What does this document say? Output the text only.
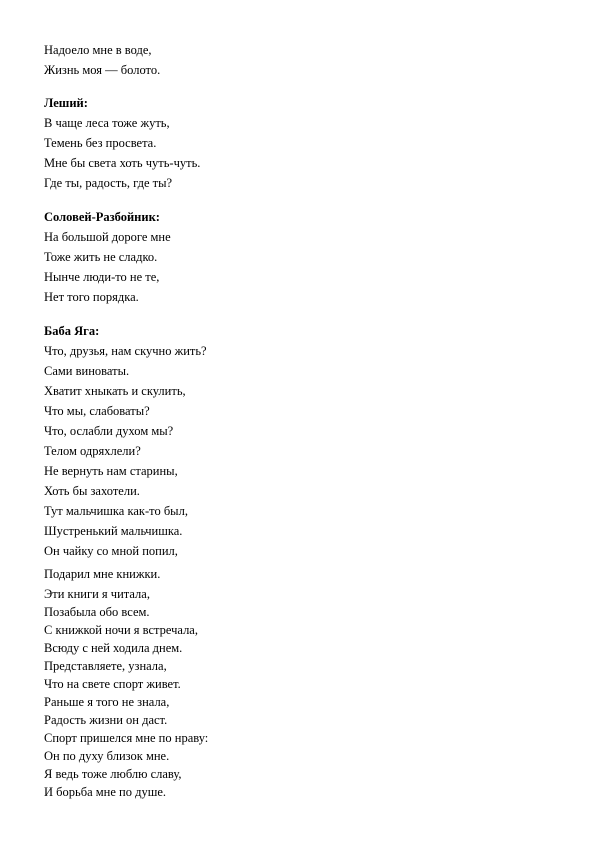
Надоело мне в воде,
Жизнь моя — болото.
Леший:
В чаще леса тоже жуть,
Темень без просвета.
Мне бы света хоть чуть-чуть.
Где ты, радость, где ты?
Соловей-Разбойник:
На большой дороге мне
Тоже жить не сладко.
Нынче люди-то не те,
Нет того порядка.
Баба Яга:
Что, друзья, нам скучно жить?
Сами виноваты.
Хватит хныкать и скулить,
Что мы, слабоваты?
Что, ослабли духом мы?
Телом одряхлели?
Не вернуть нам старины,
Хоть бы захотели.
Тут мальчишка как-то был,
Шустренький мальчишка.
Он чайку со мной попил,
Подарил мне книжки.
Эти книги я читала,
Позабыла обо всем.
С книжкой ночи я встречала,
Всюду с ней ходила днем.
Представляете, узнала,
Что на свете спорт живет.
Раньше я того не знала,
Радость жизни он даст.
Спорт пришелся мне по нраву:
Он по духу близок мне.
Я ведь тоже люблю славу,
И борьба мне по душе.
